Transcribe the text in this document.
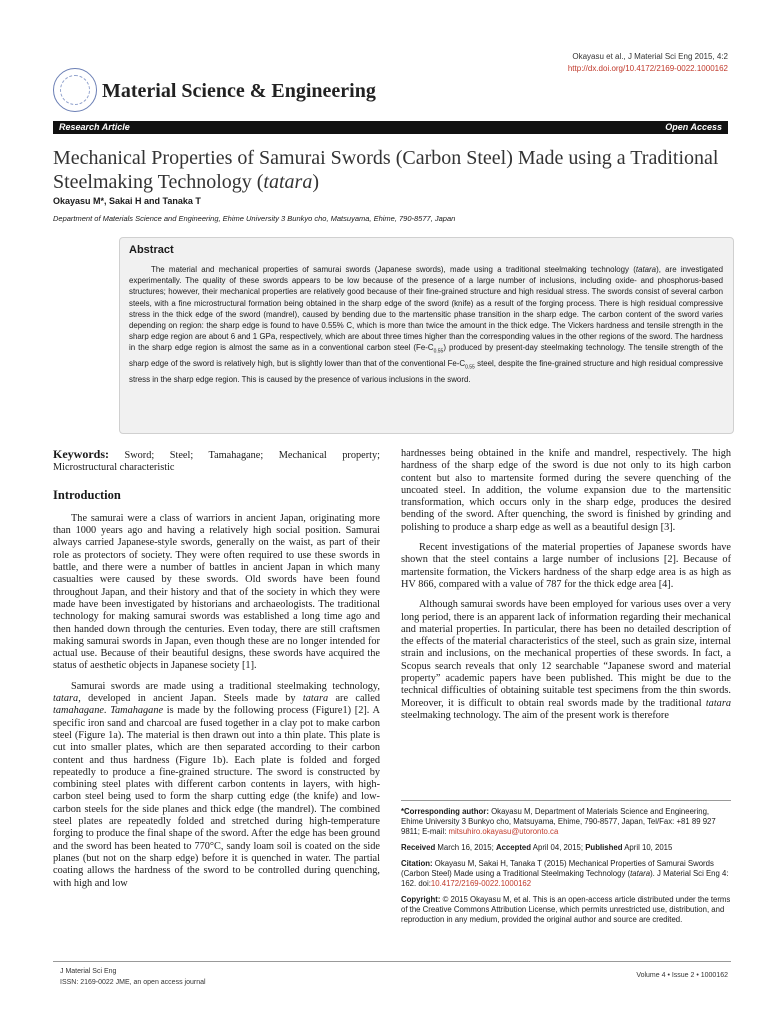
Okayasu et al., J Material Sci Eng 2015, 4:2
http://dx.doi.org/10.4172/2169-0022.1000162
Material Science & Engineering
Research Article	Open Access
Mechanical Properties of Samurai Swords (Carbon Steel) Made using a Traditional Steelmaking Technology (tatara)
Okayasu M*, Sakai H and Tanaka T
Department of Materials Science and Engineering, Ehime University 3 Bunkyo cho, Matsuyama, Ehime, 790-8577, Japan
Abstract
The material and mechanical properties of samurai swords (Japanese swords), made using a traditional steelmaking technology (tatara), are investigated experimentally. The quality of these swords appears to be low because of the presence of a large number of inclusions, including oxide- and phosphorus-based structures; however, their mechanical properties are relatively good because of their fine-grained structure and high residual stress. The swords consist of several carbon steels, with a fine microstructural formation being obtained in the sharp edge of the sword (knife) as a result of the forging process. There is high residual compressive stress in the thick edge of the sword (mandrel), caused by bending due to the martensitic phase transition in the sharp edge. The carbon content of the sword varies depending on region: the sharp edge is found to have 0.55% C, which is more than twice the amount in the thick edge. The Vickers hardness and tensile strength in the sharp edge region are about 6 and 1 GPa, respectively, which are about three times higher than the corresponding values in the other regions of the sword. The hardness in the sharp edge region is almost the same as in a conventional carbon steel $(Fe-C_{0.55})$ produced by present-day steelmaking technology. The tensile strength of the sharp edge of the sword is relatively high, but is slightly lower than that of the conventional $Fe-C_{0.55}$ steel, despite the fine-grained structure and high residual compressive stress in the sharp edge region. This is caused by the presence of various inclusions in the sword.
Keywords: Sword; Steel; Tamahagane; Mechanical property; Microstructural characteristic
Introduction

The samurai were a class of warriors in ancient Japan, originating more than 1000 years ago and having a relatively high social position. Samurai always carried Japanese-style swords, generally on the waist, as part of their role as protectors of society. They were often required to use these swords in battle, and there were a number of battles in ancient Japan in which many casualties were caused by these swords. Old swords have been found throughout Japan, and their history and that of the society in which they were made have been investigated by historians and archaeologists. The traditional technology for making samurai swords was established a long time ago and then handed down through the centuries. Even today, there are still craftsmen making samurai swords in Japan, even though these are no longer intended for actual use. Because of their beautiful designs, these swords have acquired the status of aesthetic objects in Japanese society [1].

Samurai swords are made using a traditional steelmaking technology, tatara, developed in ancient Japan. Steels made by tatara are called tamahagane. Tamahagane is made by the following process (Figure1) [2]. A specific iron sand and charcoal are fused together in a clay pot to make carbon steel (Figure 1a). The material is then drawn out into a thin plate. This plate is cut into smaller plates, which are then separated according to their carbon content and thus hardness (Figure 1b). Each plate is folded and forged repeatedly to produce a fine-grained structure. The sword is constructed by combining steel plates with different carbon contents in layers, with high-carbon steel being used to form the sharp cutting edge (the knife) and low-carbon steels for the side planes and thick edge (the mandrel). The combined steel plates are repeatedly folded and stretched during high-temperature forging to produce the final shape of the sword. After the edge has been ground and the sword has been heated to 770°C, sandy loam soil is coated on the side planes (but not on the sharp edge) before it is quenched in water. The partial coating allows the hardness of the sword to be controlled during quenching, with high and low

hardnesses being obtained in the knife and mandrel, respectively. The high hardness of the sharp edge of the sword is due not only to its high carbon content but also to martensite formed during the severe quenching of the uncoated steel. In addition, the volume expansion due to the martensitic transformation, which occurs only in the sharp edge, produces the desired bending of the sword. After quenching, the sword is finished by grinding and polishing to produce a sharp edge as well as a beautiful design [3].

Recent investigations of the material properties of Japanese swords have shown that the steel contains a large number of inclusions [2]. Because of martensite formation, the Vickers hardness of the sharp edge area is as high as HV 866, compared with a value of 787 for the thick edge area [4].

Although samurai swords have been employed for various uses over a very long period, there is an apparent lack of information regarding their mechanical and material properties. In particular, there has been no detailed description of the effects of the material characteristics of the steel, such as grain size, internal strain and inclusions, on the mechanical properties of these swords. In fact, a Scopus search reveals that only 12 searchable “Japanese sword and material property” academic papers have been published. This might be due to the technical difficulties of obtaining suitable test specimens from the thin swords. Moreover, it is difficult to obtain real swords made by the traditional tatara steelmaking technology. The aim of the present work is therefore

*Corresponding author: Okayasu M, Department of Materials Science and Engineering, Ehime University 3 Bunkyo cho, Matsuyama, Ehime, 790-8577, Japan, Tel/Fax: +81 89 927 9811; E-mail: mitsuhiro.okayasu@utoronto.ca

Received March 16, 2015; Accepted April 04, 2015; Published April 10, 2015

Citation: Okayasu M, Sakai H, Tanaka T (2015) Mechanical Properties of Samurai Swords (Carbon Steel) Made using a Traditional Steelmaking Technology (tatara). J Material Sci Eng 4: 162. doi:10.4172/2169-0022.1000162

Copyright: © 2015 Okayasu M, et al. This is an open-access article distributed under the terms of the Creative Commons Attribution License, which permits unrestricted use, distribution, and reproduction in any medium, provided the original author and source are credited.

J Material Sci Eng
ISSN: 2169-0022 JME, an open access journal
Volume 4 • Issue 2 • 1000162
